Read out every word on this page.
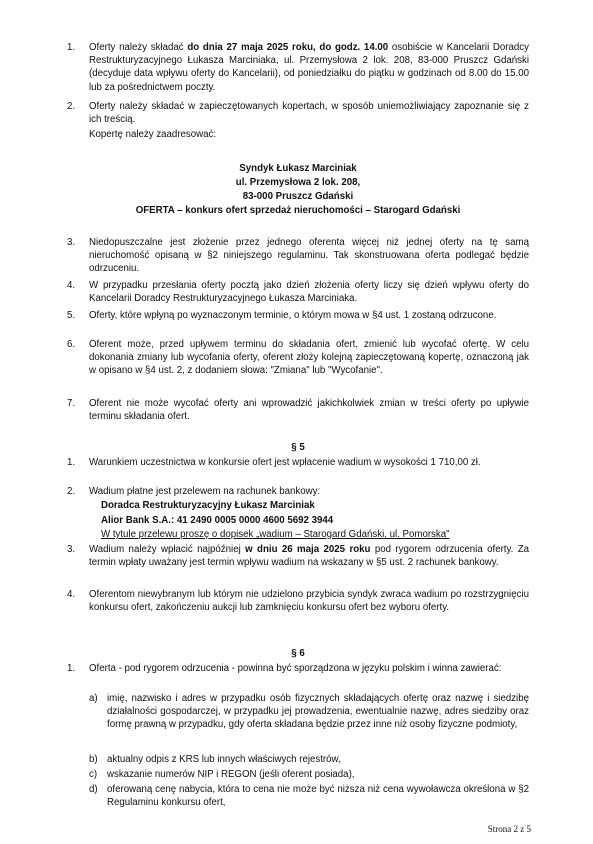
1.	Oferty należy składać do dnia 27 maja 2025 roku, do godz. 14.00 osobiście w Kancelarii Doradcy Restrukturyzacyjnego Łukasza Marciniaka, ul. Przemysłowa 2 lok. 208, 83-000 Pruszcz Gdański (decyduje data wpływu oferty do Kancelarii), od poniedziałku do piątku w godzinach od 8.00 do 15.00 lub za pośrednictwem poczty.
2.	Oferty należy składać w zapieczętowanych kopertach, w sposób uniemożliwiający zapoznanie się z ich treścią.
Kopertę należy zaadresować:
Syndyk Łukasz Marciniak
ul. Przemysłowa 2 lok. 208,
83-000 Pruszcz Gdański
OFERTA – konkurs ofert sprzedaż nieruchomości – Starogard Gdański
3.	Niedopuszczalne jest złożenie przez jednego oferenta więcej niż jednej oferty na tę samą nieruchomość opisaną w §2 niniejszego regulaminu. Tak skonstruowana oferta podlegać będzie odrzuceniu.
4.	W przypadku przesłania oferty pocztą jako dzień złożenia oferty liczy się dzień wpływu oferty do Kancelarii Doradcy Restrukturyzacyjnego Łukasza Marciniaka.
5.	Oferty, które wpłyną po wyznaczonym terminie, o którym mowa w §4 ust. 1 zostaną odrzucone.
6.	Oferent może, przed upływem terminu do składania ofert, zmienić lub wycofać ofertę. W celu dokonania zmiany lub wycofania oferty, oferent złoży kolejną zapieczętowaną kopertę, oznaczoną jak w opisano w §4 ust. 2, z dodaniem słowa: "Zmiana" lub "Wycofanie".
7.	Oferent nie może wycofać oferty ani wprowadzić jakichkolwiek zmian w treści oferty po upływie terminu składania ofert.
§ 5
1.	Warunkiem uczestnictwa w konkursie ofert jest wpłacenie wadium w wysokości 1 710,00 zł.
2.	Wadium płatne jest przelewem na rachunek bankowy:
Doradca Restrukturyzacyjny Łukasz Marciniak
Alior Bank S.A.: 41 2490 0005 0000 4600 5692 3944
W tytule przelewu proszę o dopisek „wadium – Starogard Gdański, ul. Pomorska”
3.	Wadium należy wpłacić najpóźniej w dniu 26 maja 2025 roku pod rygorem odrzucenia oferty. Za termin wpłaty uważany jest termin wpływu wadium na wskazany w §5 ust. 2 rachunek bankowy.
4.	Oferentom niewybranym lub którym nie udzielono przybicia syndyk zwraca wadium po rozstrzygnięciu konkursu ofert, zakończeniu aukcji lub zamknięciu konkursu ofert bez wyboru oferty.
§ 6
1.	Oferta - pod rygorem odrzucenia - powinna być sporządzona w języku polskim i winna zawierać:
a) imię, nazwisko i adres w przypadku osób fizycznych składających ofertę oraz nazwę i siedzibę działalności gospodarczej, w przypadku jej prowadzenia, ewentualnie nazwę, adres siedziby oraz formę prawną w przypadku, gdy oferta składana będzie przez inne niż osoby fizyczne podmioty,
b) aktualny odpis z KRS lub innych właściwych rejestrów,
c)	wskazanie numerów NIP i REGON (jeśli oferent posiada),
d) oferowaną cenę nabycia, która to cena nie może być niższa niż cena wywoławcza określona w §2 Regulaminu konkursu ofert,
Strona 2 z 5
